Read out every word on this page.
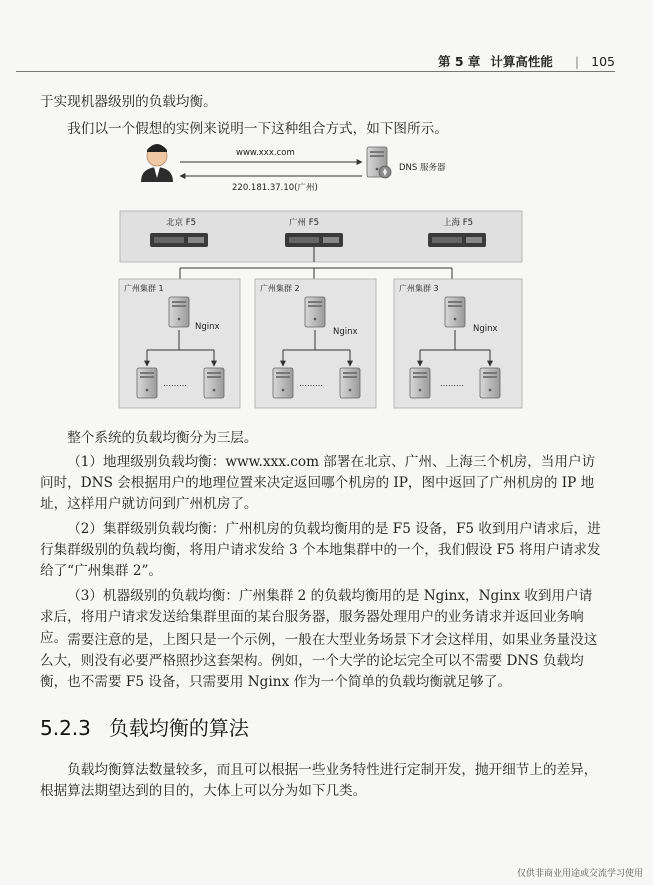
第 5 章 计算高性能 | 105

于实现机器级别的负载均衡。

我们以一个假想的实例来说明一下这种组合方式，如下图所示。

DNS 服务器
www.xxx.com
220.181.37.10(广州)
北京 F5	广州 F5	上海 F5
广州集群 1
Nginx
………
广州集群 2
Nginx
………
广州集群 3
Nginx
………

整个系统的负载均衡分为三层。

（1）地理级别负载均衡：www.xxx.com 部署在北京、广州、上海三个机房，当用户访问时，DNS 会根据用户的地理位置来决定返回哪个机房的 IP，图中返回了广州机房的 IP 地址，这样用户就访问到广州机房了。

（2）集群级别负载均衡：广州机房的负载均衡用的是 F5 设备，F5 收到用户请求后，进行集群级别的负载均衡，将用户请求发给 3 个本地集群中的一个，我们假设 F5 将用户请求发给了“广州集群 2”。

（3）机器级别的负载均衡：广州集群 2 的负载均衡用的是 Nginx，Nginx 收到用户请求后，将用户请求发送给集群里面的某台服务器，服务器处理用户的业务请求并返回业务响应。 需要注意的是，上图只是一个示例，一般在大型业务场景下才会这样用，如果业务量没这么大，则没有必要严格照抄这套架构。例如，一个大学的论坛完全可以不需要 DNS 负载均衡，也不需要 F5 设备，只需要用 Nginx 作为一个简单的负载均衡就足够了。

5.2.3 负载均衡的算法

负载均衡算法数量较多，而且可以根据一些业务特性进行定制开发，抛开细节上的差异，根据算法期望达到的目的，大体上可以分为如下几类。

仅供非商业用途或交流学习使用
